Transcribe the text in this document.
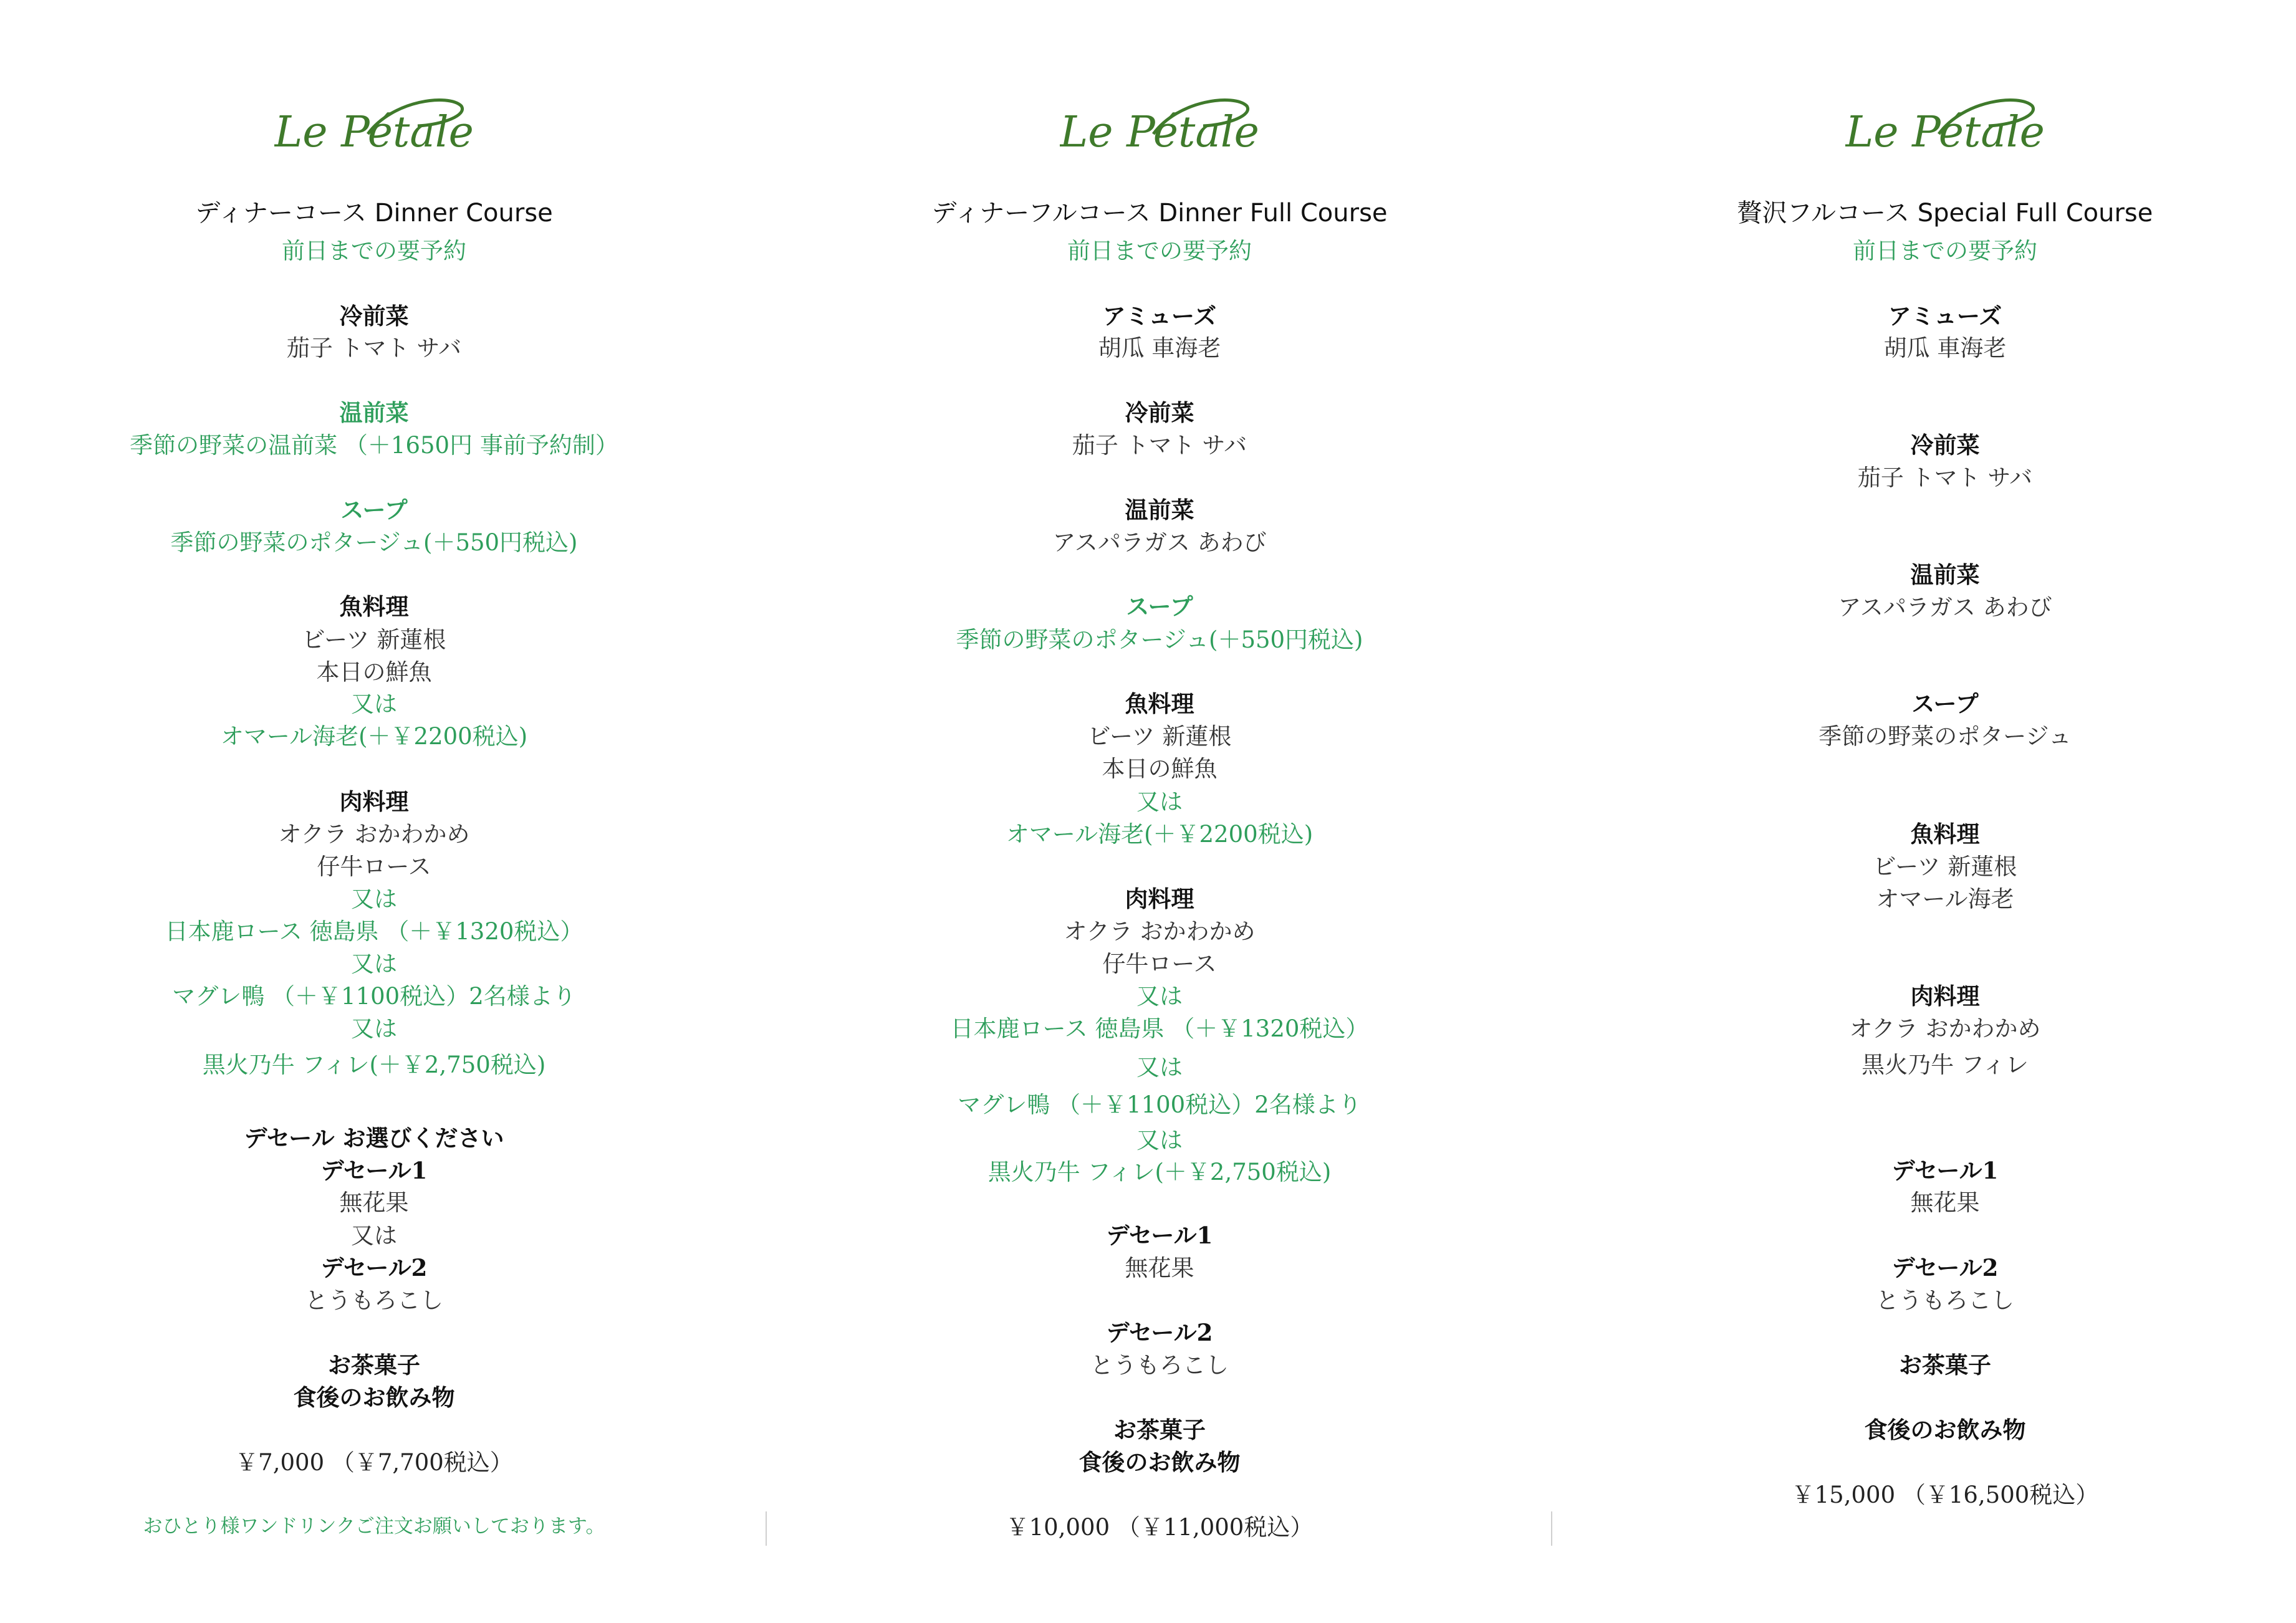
Le Pétale
ディナーコース Dinner Course
前日までの要予約
冷前菜
茄子 トマト サバ
温前菜
季節の野菜の温前菜 （＋1650円 事前予約制）
スープ
季節の野菜のポタージュ(＋550円税込)
魚料理
ビーツ 新蓮根
本日の鮮魚
又は
オマール海老(＋￥2200税込)
肉料理
オクラ おかわかめ
仔牛ロース
又は
日本鹿ロース 徳島県 （＋￥1320税込）
又は
マグレ鴨 （＋￥1100税込）2名様より
又は
黒火乃牛 フィレ(＋￥2,750税込)
デセール お選びください
デセール1
無花果
又は
デセール2
とうもろこし
お茶菓子
食後のお飲み物
￥7,000 （￥7,700税込）
おひとり様ワンドリンクご注文お願いしております。
Le Pétale
ディナーフルコース Dinner Full Course
前日までの要予約
アミューズ
胡瓜 車海老
冷前菜
茄子 トマト サバ
温前菜
アスパラガス あわび
スープ
季節の野菜のポタージュ(＋550円税込)
魚料理
ビーツ 新蓮根
本日の鮮魚
又は
オマール海老(＋￥2200税込)
肉料理
オクラ おかわかめ
仔牛ロース
又は
日本鹿ロース 徳島県 （＋￥1320税込）
又は
マグレ鴨 （＋￥1100税込）2名様より
又は
黒火乃牛 フィレ(＋￥2,750税込)
デセール1
無花果
デセール2
とうもろこし
お茶菓子
食後のお飲み物
￥10,000 （￥11,000税込）
Le Pétale
贅沢フルコース Special Full Course
前日までの要予約
アミューズ
胡瓜 車海老
冷前菜
茄子 トマト サバ
温前菜
アスパラガス あわび
スープ
季節の野菜のポタージュ
魚料理
ビーツ 新蓮根
オマール海老
肉料理
オクラ おかわかめ
黒火乃牛 フィレ
デセール1
無花果
デセール2
とうもろこし
お茶菓子
食後のお飲み物
￥15,000 （￥16,500税込）
